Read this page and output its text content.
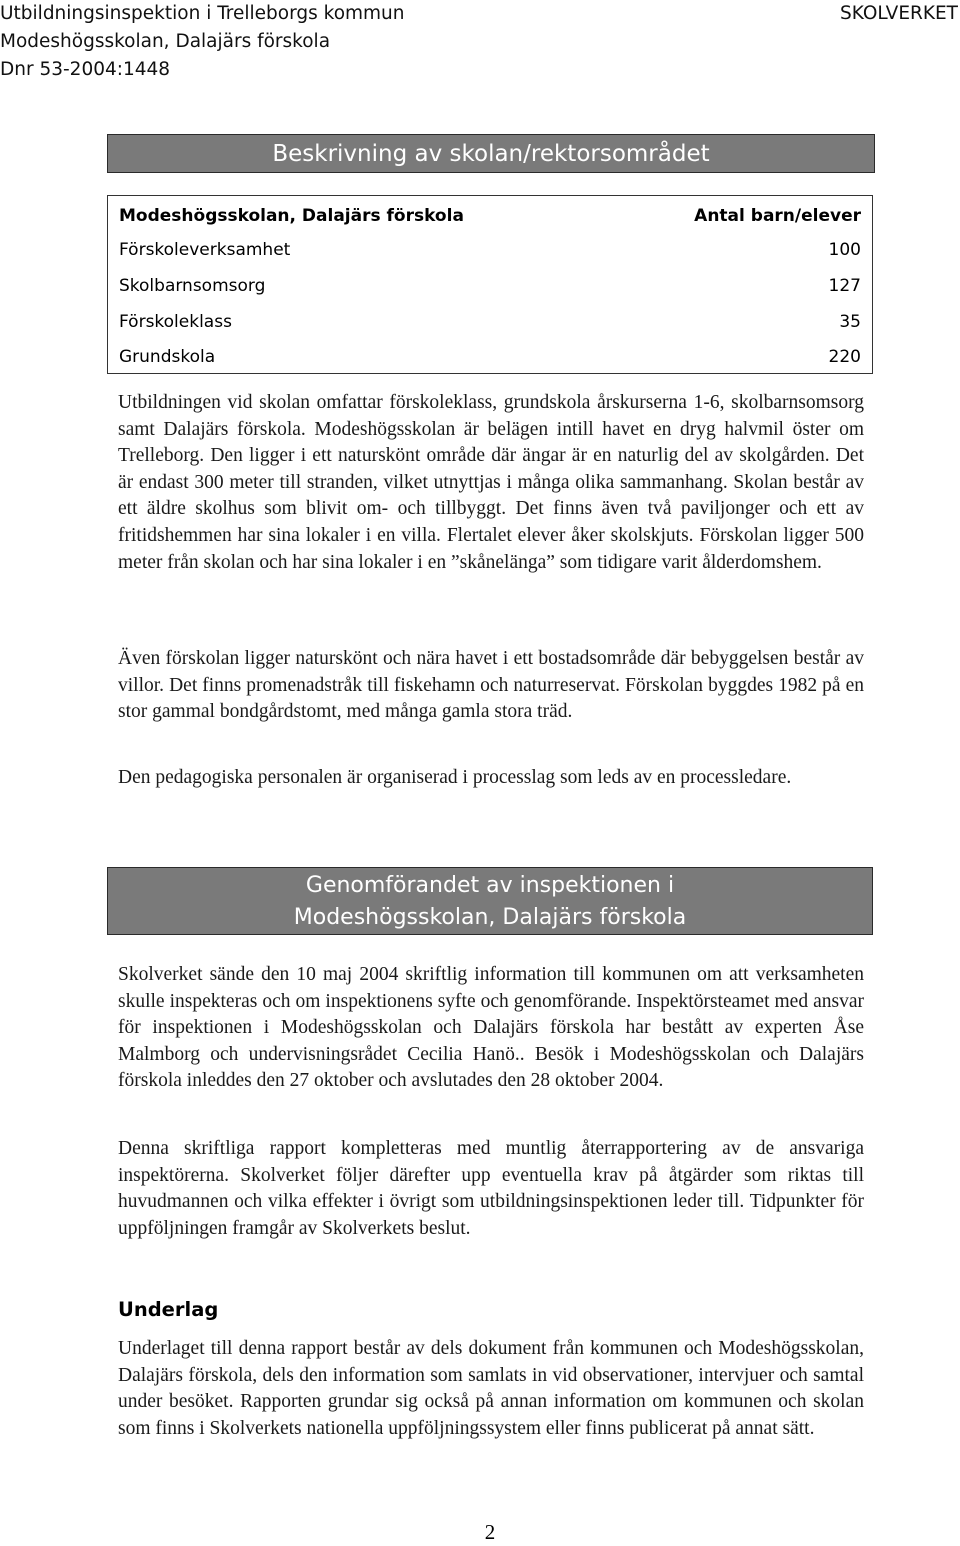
Utbildningsinspektion i Trelleborgs kommun
Modeshögsskolan, Dalajärs förskola
Dnr 53-2004:1448
SKOLVERKET
Beskrivning av skolan/rektorsområdet
Modeshögsskolan, Dalajärs förskola	Antal barn/elever
Förskoleverksamhet	100
Skolbarnsomsorg	127
Förskoleklass	35
Grundskola	220
Utbildningen vid skolan omfattar förskoleklass, grundskola årskurserna 1-6, skolbarnsomsorg samt Dalajärs förskola. Modeshögsskolan är belägen intill havet en dryg halvmil öster om Trelleborg. Den ligger i ett naturskönt område där ängar är en naturlig del av skolgården. Det är endast 300 meter till stranden, vilket utnyttjas i många olika sammanhang. Skolan består av ett äldre skolhus som blivit om- och tillbyggt. Det finns även två paviljonger och ett av fritidshemmen har sina lokaler i en villa. Flertalet elever åker skolskjuts. Förskolan ligger 500 meter från skolan och har sina lokaler i en ”skånelänga” som tidigare varit ålderdomshem.
Även förskolan ligger naturskönt och nära havet i ett bostadsområde där bebyggelsen består av villor. Det finns promenadstråk till fiskehamn och naturreservat. Förskolan byggdes 1982 på en stor gammal bondgårdstomt, med många gamla stora träd.
Den pedagogiska personalen är organiserad i processlag som leds av en processledare.
Genomförandet av inspektionen i
Modeshögsskolan, Dalajärs förskola
Skolverket sände den 10 maj 2004 skriftlig information till kommunen om att verksamheten skulle inspekteras och om inspektionens syfte och genomförande. Inspektörsteamet med ansvar för inspektionen i Modeshögsskolan och Dalajärs förskola har bestått av experten Åse Malmborg och undervisningsrådet Cecilia Hanö.. Besök i Modeshögsskolan och Dalajärs förskola inleddes den 27 oktober och avslutades den 28 oktober 2004.
Denna skriftliga rapport kompletteras med muntlig återrapportering av de ansvariga inspektörerna. Skolverket följer därefter upp eventuella krav på åtgärder som riktas till huvudmannen och vilka effekter i övrigt som utbildningsinspektionen leder till. Tidpunkter för uppföljningen framgår av Skolverkets beslut.
Underlag
Underlaget till denna rapport består av dels dokument från kommunen och Modeshögsskolan, Dalajärs förskola, dels den information som samlats in vid observationer, intervjuer och samtal under besöket. Rapporten grundar sig också på annan information om kommunen och skolan som finns i Skolverkets nationella uppföljningssystem eller finns publicerat på annat sätt.
2
